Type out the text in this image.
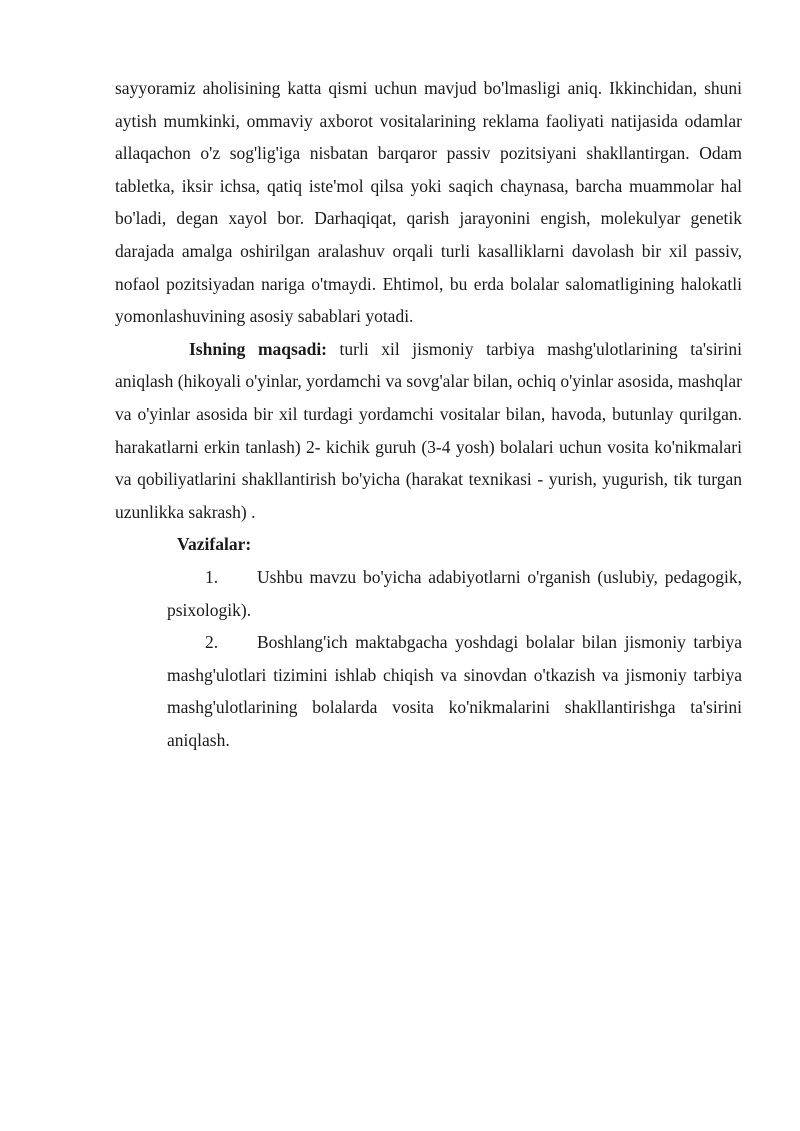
sayyoramiz aholisining katta qismi uchun mavjud bo'lmasligi aniq. Ikkinchidan, shuni aytish mumkinki, ommaviy axborot vositalarining reklama faoliyati natijasida odamlar allaqachon o'z sog'lig'iga nisbatan barqaror passiv pozitsiyani shakllantirgan. Odam tabletka, iksir ichsa, qatiq iste'mol qilsa yoki saqich chaynasa, barcha muammolar hal bo'ladi, degan xayol bor. Darhaqiqat, qarish jarayonini engish, molekulyar genetik darajada amalga oshirilgan aralashuv orqali turli kasalliklarni davolash bir xil passiv, nofaol pozitsiyadan nariga o'tmaydi. Ehtimol, bu erda bolalar salomatligining halokatli yomonlashuvining asosiy sabablari yotadi.

Ishning maqsadi: turli xil jismoniy tarbiya mashg'ulotlarining ta'sirini aniqlash (hikoyali o'yinlar, yordamchi va sovg'alar bilan, ochiq o'yinlar asosida, mashqlar va o'yinlar asosida bir xil turdagi yordamchi vositalar bilan, havoda, butunlay qurilgan. harakatlarni erkin tanlash) 2- kichik guruh (3-4 yosh) bolalari uchun vosita ko'nikmalari va qobiliyatlarini shakllantirish bo'yicha (harakat texnikasi - yurish, yugurish, tik turgan uzunlikka sakrash) .

Vazifalar:

1. Ushbu mavzu bo'yicha adabiyotlarni o'rganish (uslubiy, pedagogik, psixologik).

2. Boshlang'ich maktabgacha yoshdagi bolalar bilan jismoniy tarbiya mashg'ulotlari tizimini ishlab chiqish va sinovdan o'tkazish va jismoniy tarbiya mashg'ulotlarining bolalarda vosita ko'nikmalarini shakllantirishga ta'sirini aniqlash.
